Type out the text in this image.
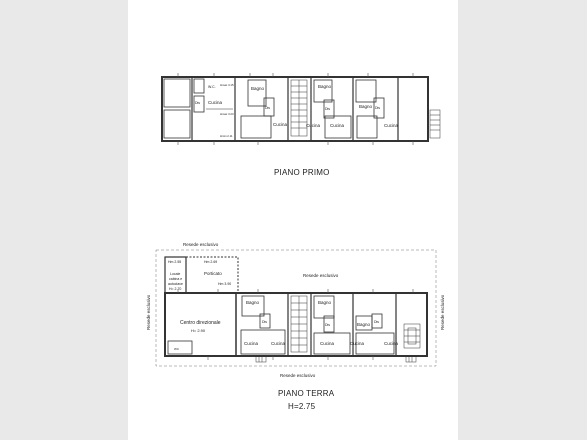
W.C.
Cucina
Dis
Hmax 3.15
Hmax 3.23
Hmin 2.11
Bagno
Dis
Cucina
Bagno
Dis
Cucina Cucina
Bagno Dis
Cucina
Resede esclusivo
Resede esclusivo
Resede esclusivo
Resede esclusivo	Resede esclusivo
Hm 2.55	Hm 2.69
Locale
cabina e
autoclave
H= 2.70
Porticato
Hm 3.90
Centro direzionale
H= 2.90
WC
Bagno
Dis
Cucina	Cucina
Bagno
Dis
Cucina
Bagno Dis
Cucina	Cucina
PIANO PRIMO
PIANO TERRA
H=2.75
